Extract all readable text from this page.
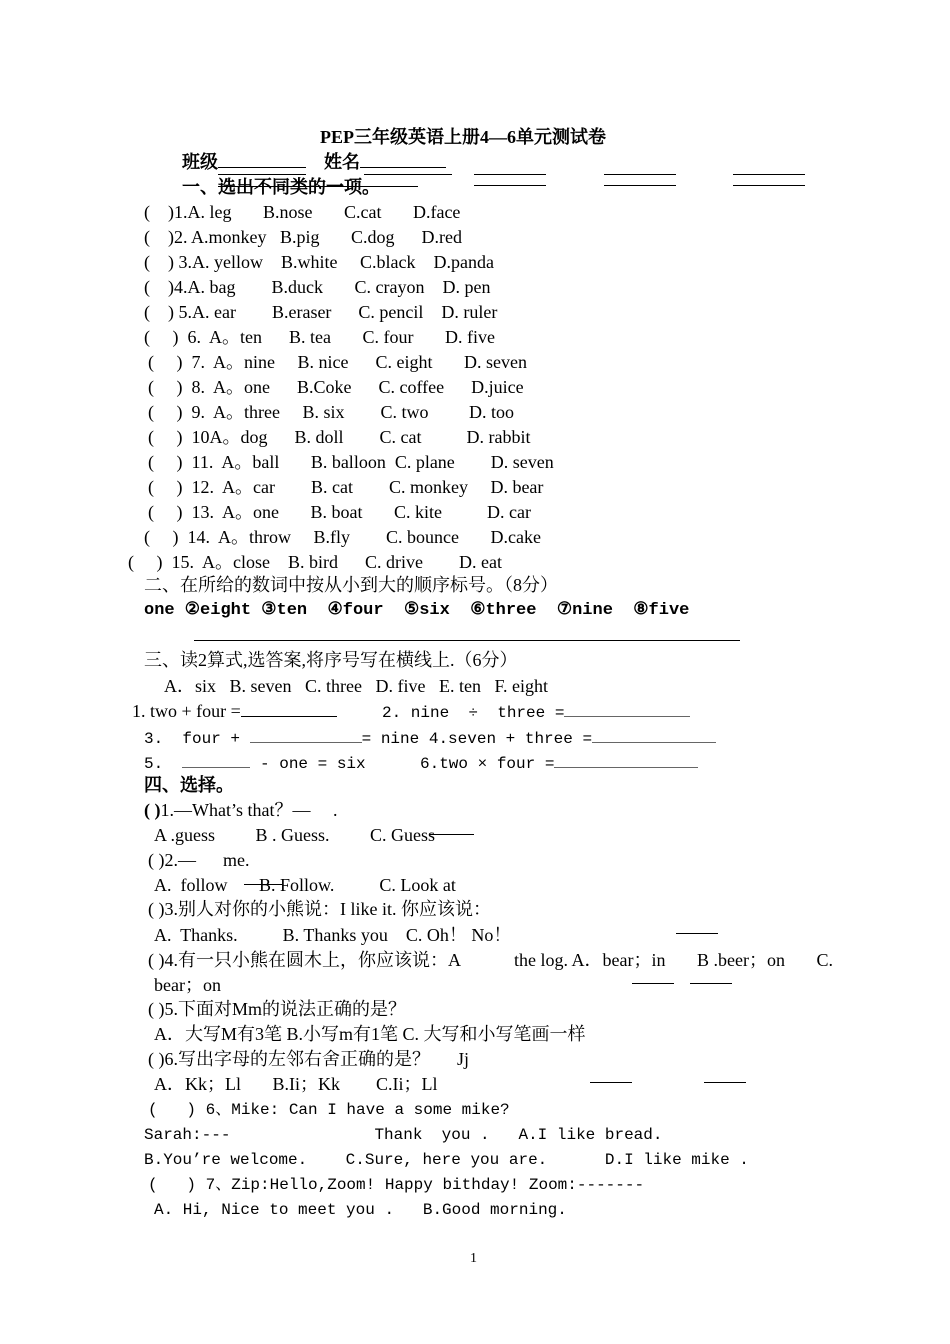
PEP三年级英语上册4—6单元测试卷
班级	姓名
一、选出不同类的一项。
(    )1.A. leg       B.nose       C.cat       D.face
(    )2. A.monkey   B.pig       C.dog      D.red
(    ) 3.A. yellow    B.white     C.black    D.panda
(    )4.A. bag        B.duck       C. crayon    D. pen
(    ) 5.A. ear        B.eraser      C. pencil    D. ruler
(     )  6.  A。ten      B. tea       C. four       D. five
(     )  7.  A。nine     B. nice      C. eight       D. seven
(     )  8.  A。one      B.Coke      C. coffee      D.juice
(     )  9.  A。three     B. six        C. two         D. too
(     )  10A。dog      B. doll        C. cat          D. rabbit
(     )  11.  A。ball       B. balloon  C. plane        D. seven
(     )  12.  A。car        B. cat        C. monkey     D. bear
(     )  13.  A。one       B. boat       C. kite          D. car
(     )  14.  A。throw     B.fly        C. bounce       D.cake
(     )  15.  A。close    B. bird      C. drive        D. eat
二、在所给的数词中按从小到大的顺序标号。（8分）
one ②eight ③ten  ④four  ⑤six  ⑥three  ⑦nine  ⑧five
三、读2算式,选答案,将序号写在横线上.（6分）
A．six   B. seven   C. three   D. five   E. ten   F. eight
1. two + four =	2. nine  ÷  three =
3.  four +	= nine 4.seven + three =
5.	- one = six	6.two × four =
四、选择。
( )1.—What’s that？—     .
A .guess         B . Guess.         C. Guess
( )2.—      me.
A.  follow B. Follow.          C. Look at
( )3.别人对你的小熊说：I like it. 你应该说：
A.  Thanks.          B. Thanks you    C. Oh！ No！
( )4.有一只小熊在圆木上，你应该说：A            the log. A．bear；in       B .beer；on       C.
bear；on
( )5.下面对Mm的说法正确的是？
A．大写M有3笔 B.小写m有1笔 C. 大写和小写笔画一样
( )6.写出字母的左邻右舍正确的是？      Jj
A．Kk；Ll       B.Ii；Kk        C.Ii；Ll
(   ) 6、Mike: Can I have a some mike?
Sarah:---               Thank  you .   A.I like bread.
B.You’re welcome.    C.Sure, here you are.      D.I like mike .
(   ) 7、Zip:Hello,Zoom! Happy bithday! Zoom:-------
A. Hi, Nice to meet you .   B.Good morning.
1
